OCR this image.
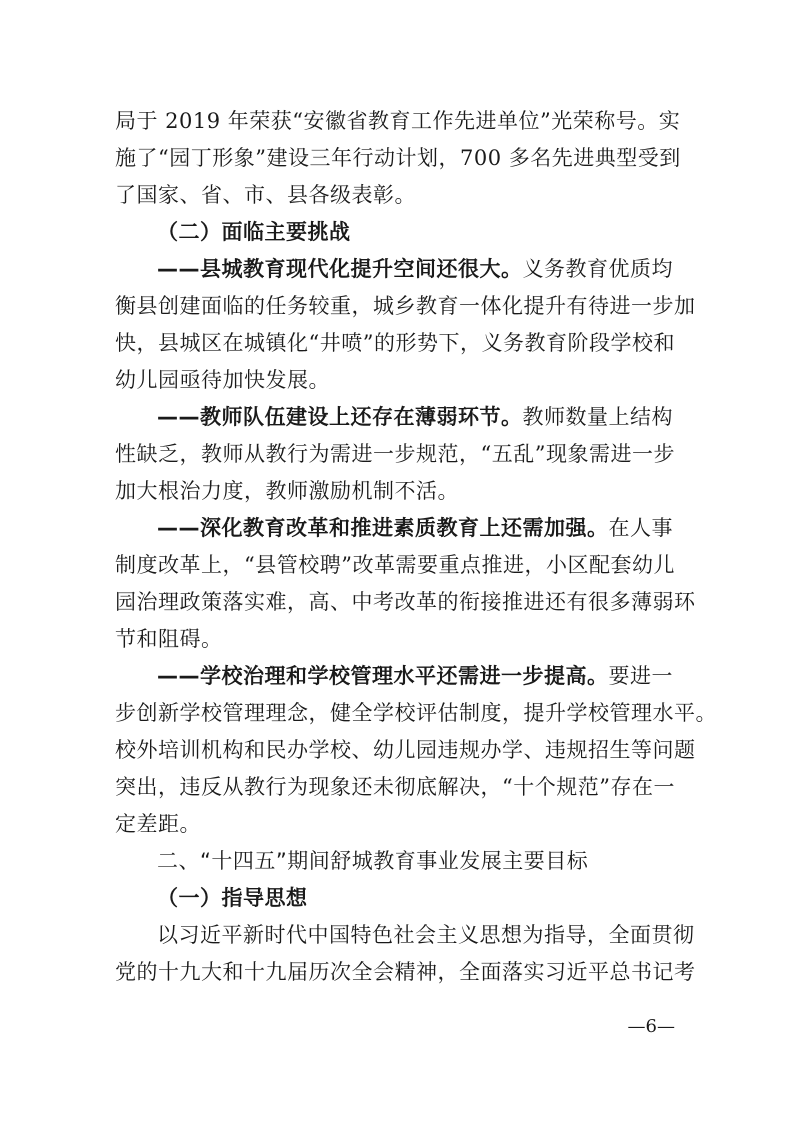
局于 2019 年荣获“安徽省教育工作先进单位”光荣称号。实
施了“园丁形象”建设三年行动计划，700 多名先进典型受到
了国家、省、市、县各级表彰。
（二）面临主要挑战
——县城教育现代化提升空间还很大。义务教育优质均
衡县创建面临的任务较重，城乡教育一体化提升有待进一步加
快，县城区在城镇化“井喷”的形势下，义务教育阶段学校和
幼儿园亟待加快发展。
——教师队伍建设上还存在薄弱环节。教师数量上结构
性缺乏，教师从教行为需进一步规范，“五乱”现象需进一步
加大根治力度，教师激励机制不活。
——深化教育改革和推进素质教育上还需加强。在人事
制度改革上，“县管校聘”改革需要重点推进，小区配套幼儿
园治理政策落实难，高、中考改革的衔接推进还有很多薄弱环
节和阻碍。
——学校治理和学校管理水平还需进一步提高。要进一
步创新学校管理理念，健全学校评估制度，提升学校管理水平。
校外培训机构和民办学校、幼儿园违规办学、违规招生等问题
突出，违反从教行为现象还未彻底解决，“十个规范”存在一
定差距。
二、“十四五”期间舒城教育事业发展主要目标
（一）指导思想
以习近平新时代中国特色社会主义思想为指导，全面贯彻
党的十九大和十九届历次全会精神，全面落实习近平总书记考
—6—
